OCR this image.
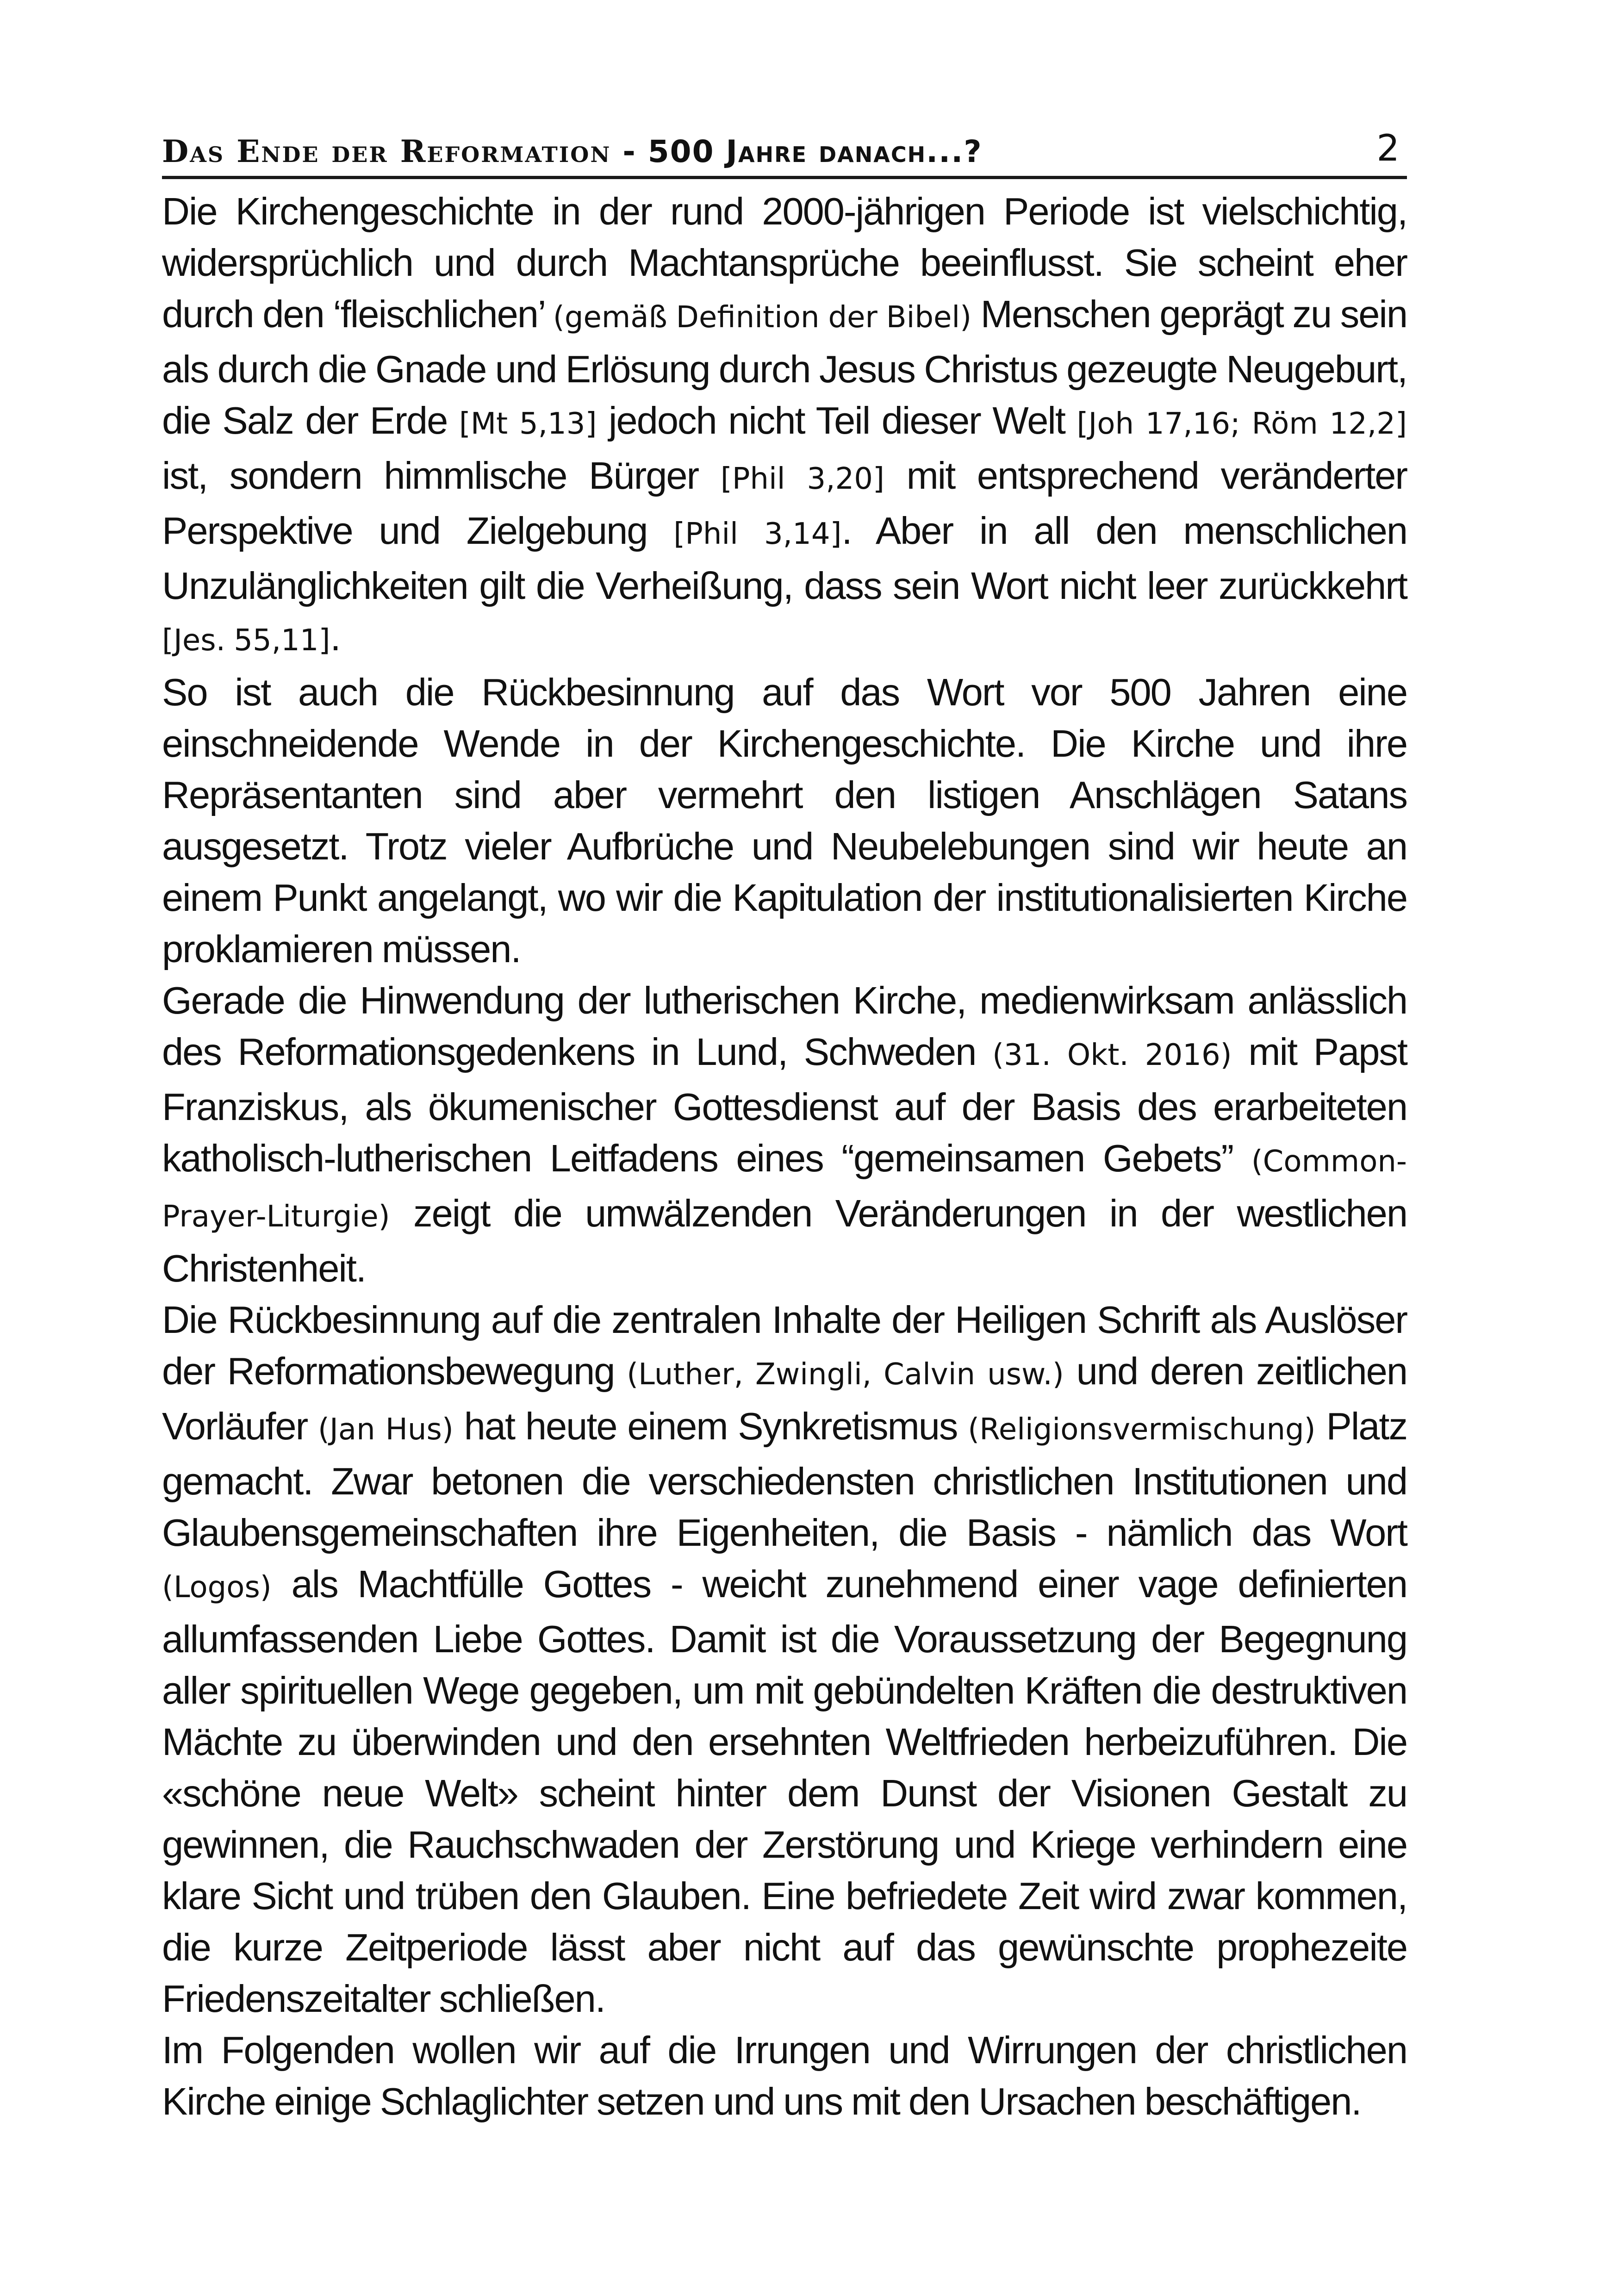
Das Ende der Reformation - 500 Jahre danach...?	2

Die Kirchengeschichte in der rund 2000-jährigen Periode ist vielschichtig, widersprüchlich und durch Machtansprüche beeinflusst. Sie scheint eher durch den ‘fleischlichen’ (gemäß Definition der Bibel) Menschen geprägt zu sein als durch die Gnade und Erlösung durch Jesus Christus gezeugte Neugeburt, die Salz der Erde [Mt 5,13] jedoch nicht Teil dieser Welt [Joh 17,16; Röm 12,2] ist, sondern himmlische Bürger [Phil 3,20] mit entsprechend veränderter Perspektive und Zielgebung [Phil 3,14]. Aber in all den menschlichen Unzulänglichkeiten gilt die Verheißung, dass sein Wort nicht leer zurückkehrt [Jes. 55,11].

So ist auch die Rückbesinnung auf das Wort vor 500 Jahren eine einschneidende Wende in der Kirchengeschichte. Die Kirche und ihre Repräsentanten sind aber vermehrt den listigen Anschlägen Satans ausgesetzt. Trotz vieler Aufbrüche und Neubelebungen sind wir heute an einem Punkt angelangt, wo wir die Kapitulation der institutionalisierten Kirche proklamieren müssen.

Gerade die Hinwendung der lutherischen Kirche, medienwirksam anlässlich des Reformationsgedenkens in Lund, Schweden (31. Okt. 2016) mit Papst Franziskus, als ökumenischer Gottesdienst auf der Basis des erarbeiteten katholisch-lutherischen Leitfadens eines “gemeinsamen Gebets” (Common-Prayer-Liturgie) zeigt die umwälzenden Veränderungen in der westlichen Christenheit.

Die Rückbesinnung auf die zentralen Inhalte der Heiligen Schrift als Auslöser der Reformationsbewegung (Luther, Zwingli, Calvin usw.) und deren zeitlichen Vorläufer (Jan Hus) hat heute einem Synkretismus (Religionsvermischung) Platz gemacht. Zwar betonen die verschiedensten christlichen Institutionen und Glaubensgemeinschaften ihre Eigenheiten, die Basis - nämlich das Wort (Logos) als Machtfülle Gottes - weicht zunehmend einer vage definierten allumfassenden Liebe Gottes. Damit ist die Voraussetzung der Begegnung aller spirituellen Wege gegeben, um mit gebündelten Kräften die destruktiven Mächte zu überwinden und den ersehnten Weltfrieden herbeizuführen. Die «schöne neue Welt» scheint hinter dem Dunst der Visionen Gestalt zu gewinnen, die Rauchschwaden der Zerstörung und Kriege verhindern eine klare Sicht und trüben den Glauben. Eine befriedete Zeit wird zwar kommen, die kurze Zeitperiode lässt aber nicht auf das gewünschte prophezeite Friedenszeitalter schließen.

Im Folgenden wollen wir auf die Irrungen und Wirrungen der christlichen Kirche einige Schlaglichter setzen und uns mit den Ursachen beschäftigen.
